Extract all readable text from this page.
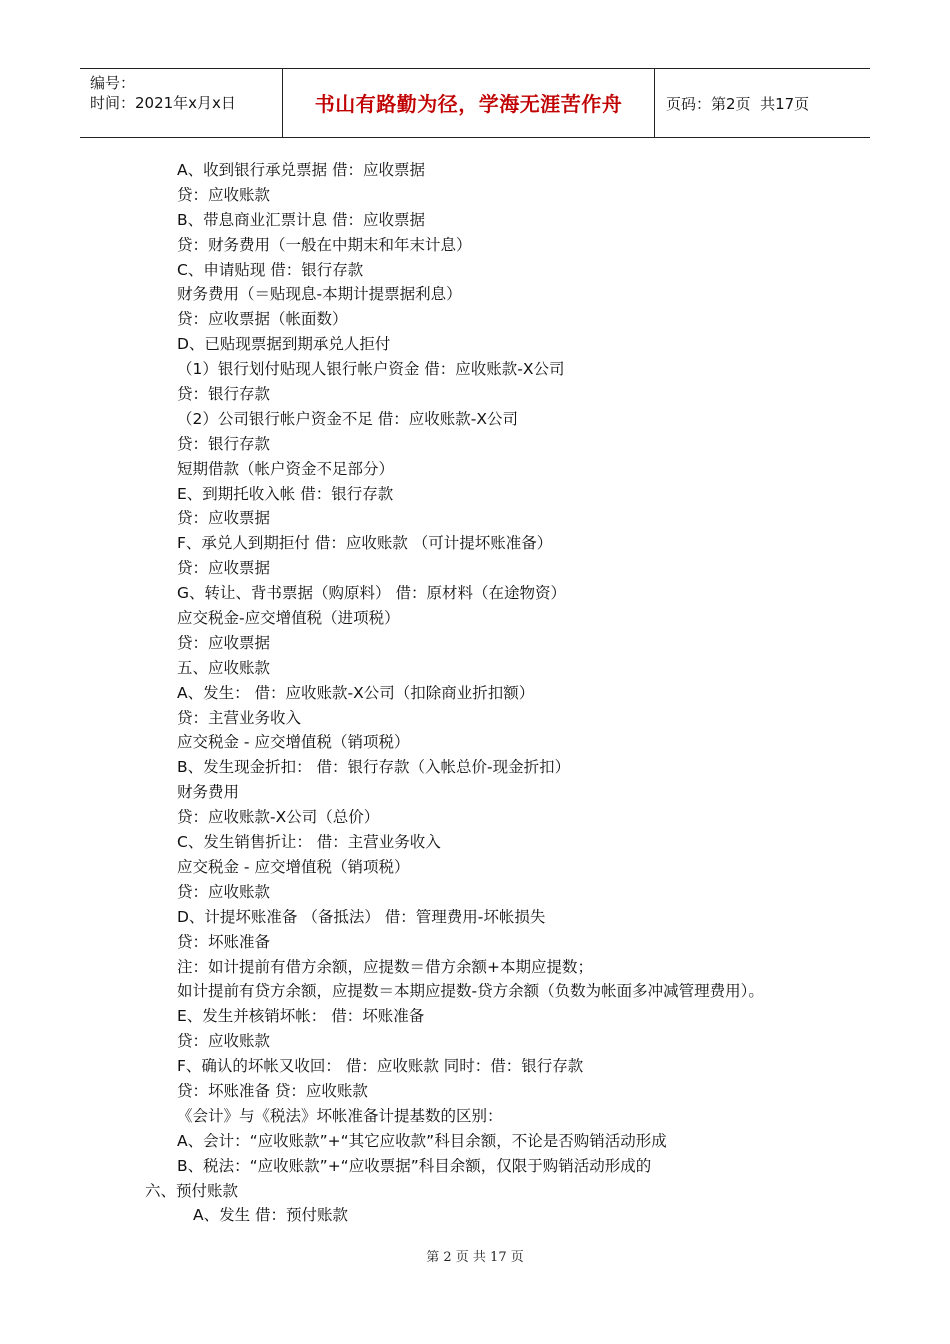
编号：
时间：2021年x月x日	书山有路勤为径，学海无涯苦作舟	页码：第2页  共17页
A、收到银行承兑票据 借：应收票据
贷：应收账款
B、带息商业汇票计息 借：应收票据
贷：财务费用（一般在中期末和年末计息）
C、申请贴现 借：银行存款
财务费用（＝贴现息-本期计提票据利息）
贷：应收票据（帐面数）
D、已贴现票据到期承兑人拒付
（1）银行划付贴现人银行帐户资金 借：应收账款-X公司
贷：银行存款
（2）公司银行帐户资金不足 借：应收账款-X公司
贷：银行存款
短期借款（帐户资金不足部分）
E、到期托收入帐 借：银行存款
贷：应收票据
F、承兑人到期拒付 借：应收账款 （可计提坏账准备）
贷：应收票据
G、转让、背书票据（购原料） 借：原材料（在途物资）
应交税金-应交增值税（进项税）
贷：应收票据
五、应收账款
A、发生： 借：应收账款-X公司（扣除商业折扣额）
贷：主营业务收入
应交税金 - 应交增值税（销项税）
B、发生现金折扣： 借：银行存款（入帐总价-现金折扣）
财务费用
贷：应收账款-X公司（总价）
C、发生销售折让： 借：主营业务收入
应交税金 - 应交增值税（销项税）
贷：应收账款
D、计提坏账准备 （备抵法） 借：管理费用-坏帐损失
贷：坏账准备
注：如计提前有借方余额，应提数＝借方余额+本期应提数；
如计提前有贷方余额，应提数＝本期应提数-贷方余额（负数为帐面多冲减管理费用）。
E、发生并核销坏帐： 借：坏账准备
贷：应收账款
F、确认的坏帐又收回： 借：应收账款 同时：借：银行存款
贷：坏账准备 贷：应收账款
《会计》与《税法》坏帐准备计提基数的区别：
A、会计：“应收账款”+“其它应收款”科目余额，不论是否购销活动形成
B、税法：“应收账款”+“应收票据”科目余额，仅限于购销活动形成的
六、预付账款
A、发生 借：预付账款
第 2 页 共 17 页
